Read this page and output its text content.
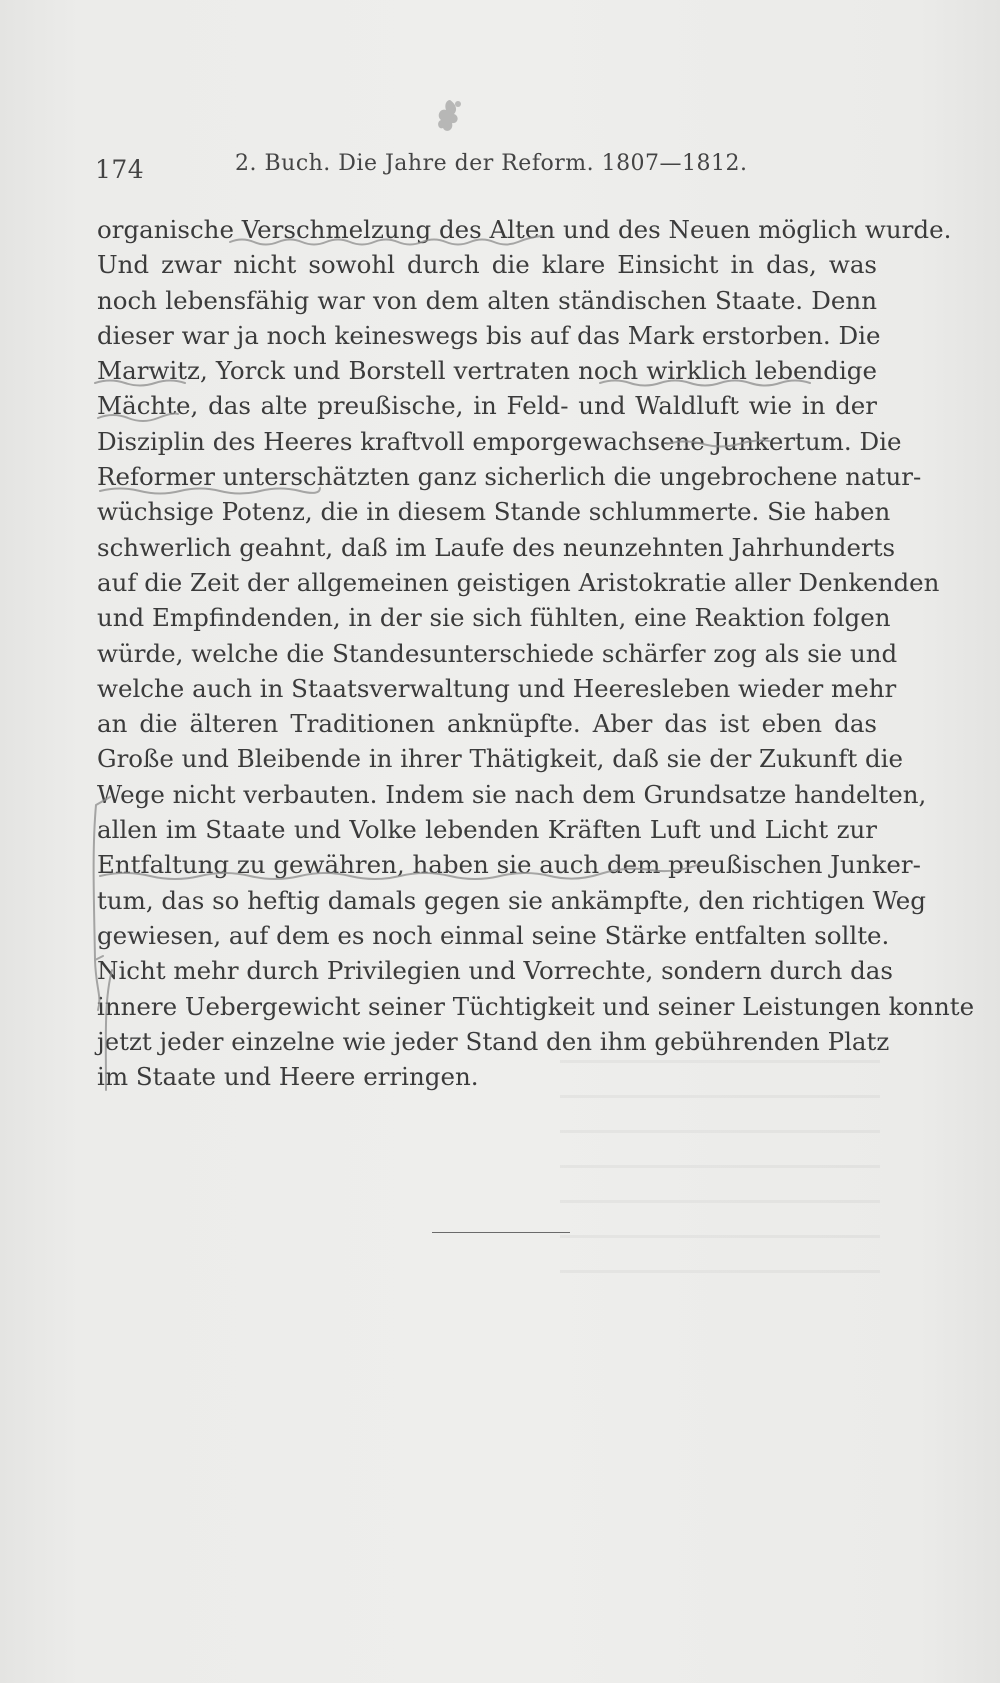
174	2. Buch. Die Jahre der Reform. 1807—1812.
organische Verschmelzung des Alten und des Neuen möglich wurde.
Und zwar nicht sowohl durch die klare Einsicht in das, was
noch lebensfähig war von dem alten ständischen Staate. Denn
dieser war ja noch keineswegs bis auf das Mark erstorben. Die
Marwitz, Yorck und Borstell vertraten noch wirklich lebendige
Mächte, das alte preußische, in Feld- und Waldluft wie in der
Disziplin des Heeres kraftvoll emporgewachsene Junkertum. Die
Reformer unterschätzten ganz sicherlich die ungebrochene natur-
wüchsige Potenz, die in diesem Stande schlummerte. Sie haben
schwerlich geahnt, daß im Laufe des neunzehnten Jahrhunderts
auf die Zeit der allgemeinen geistigen Aristokratie aller Denkenden
und Empfindenden, in der sie sich fühlten, eine Reaktion folgen
würde, welche die Standesunterschiede schärfer zog als sie und
welche auch in Staatsverwaltung und Heeresleben wieder mehr
an die älteren Traditionen anknüpfte. Aber das ist eben das
Große und Bleibende in ihrer Thätigkeit, daß sie der Zukunft die
Wege nicht verbauten. Indem sie nach dem Grundsatze handelten,
allen im Staate und Volke lebenden Kräften Luft und Licht zur
Entfaltung zu gewähren, haben sie auch dem preußischen Junker-
tum, das so heftig damals gegen sie ankämpfte, den richtigen Weg
gewiesen, auf dem es noch einmal seine Stärke entfalten sollte.
Nicht mehr durch Privilegien und Vorrechte, sondern durch das
innere Uebergewicht seiner Tüchtigkeit und seiner Leistungen konnte
jetzt jeder einzelne wie jeder Stand den ihm gebührenden Platz
im Staate und Heere erringen.
